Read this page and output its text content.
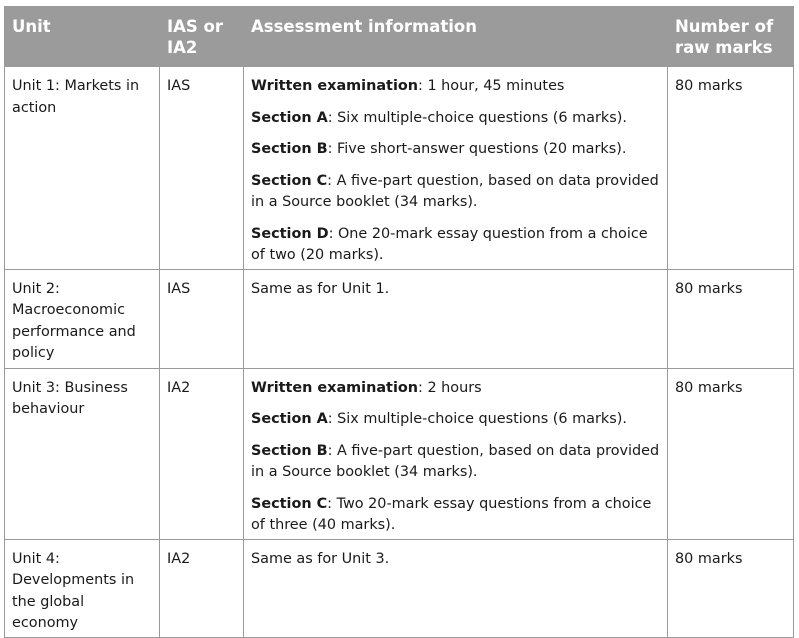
Unit	IAS or IA2	Assessment information	Number of raw marks
Unit 1: Markets in action	IAS	Written examination: 1 hour, 45 minutes

Section A: Six multiple-choice questions (6 marks).

Section B: Five short-answer questions (20 marks).

Section C: A five-part question, based on data provided in a Source booklet (34 marks).

Section D: One 20-mark essay question from a choice of two (20 marks).	80 marks
Unit 2: Macroeconomic performance and policy	IAS	Same as for Unit 1.	80 marks
Unit 3: Business behaviour	IA2	Written examination: 2 hours

Section A: Six multiple-choice questions (6 marks).

Section B: A five-part question, based on data provided in a Source booklet (34 marks).

Section C: Two 20-mark essay questions from a choice of three (40 marks).	80 marks
Unit 4: Developments in the global economy	IA2	Same as for Unit 3.	80 marks
